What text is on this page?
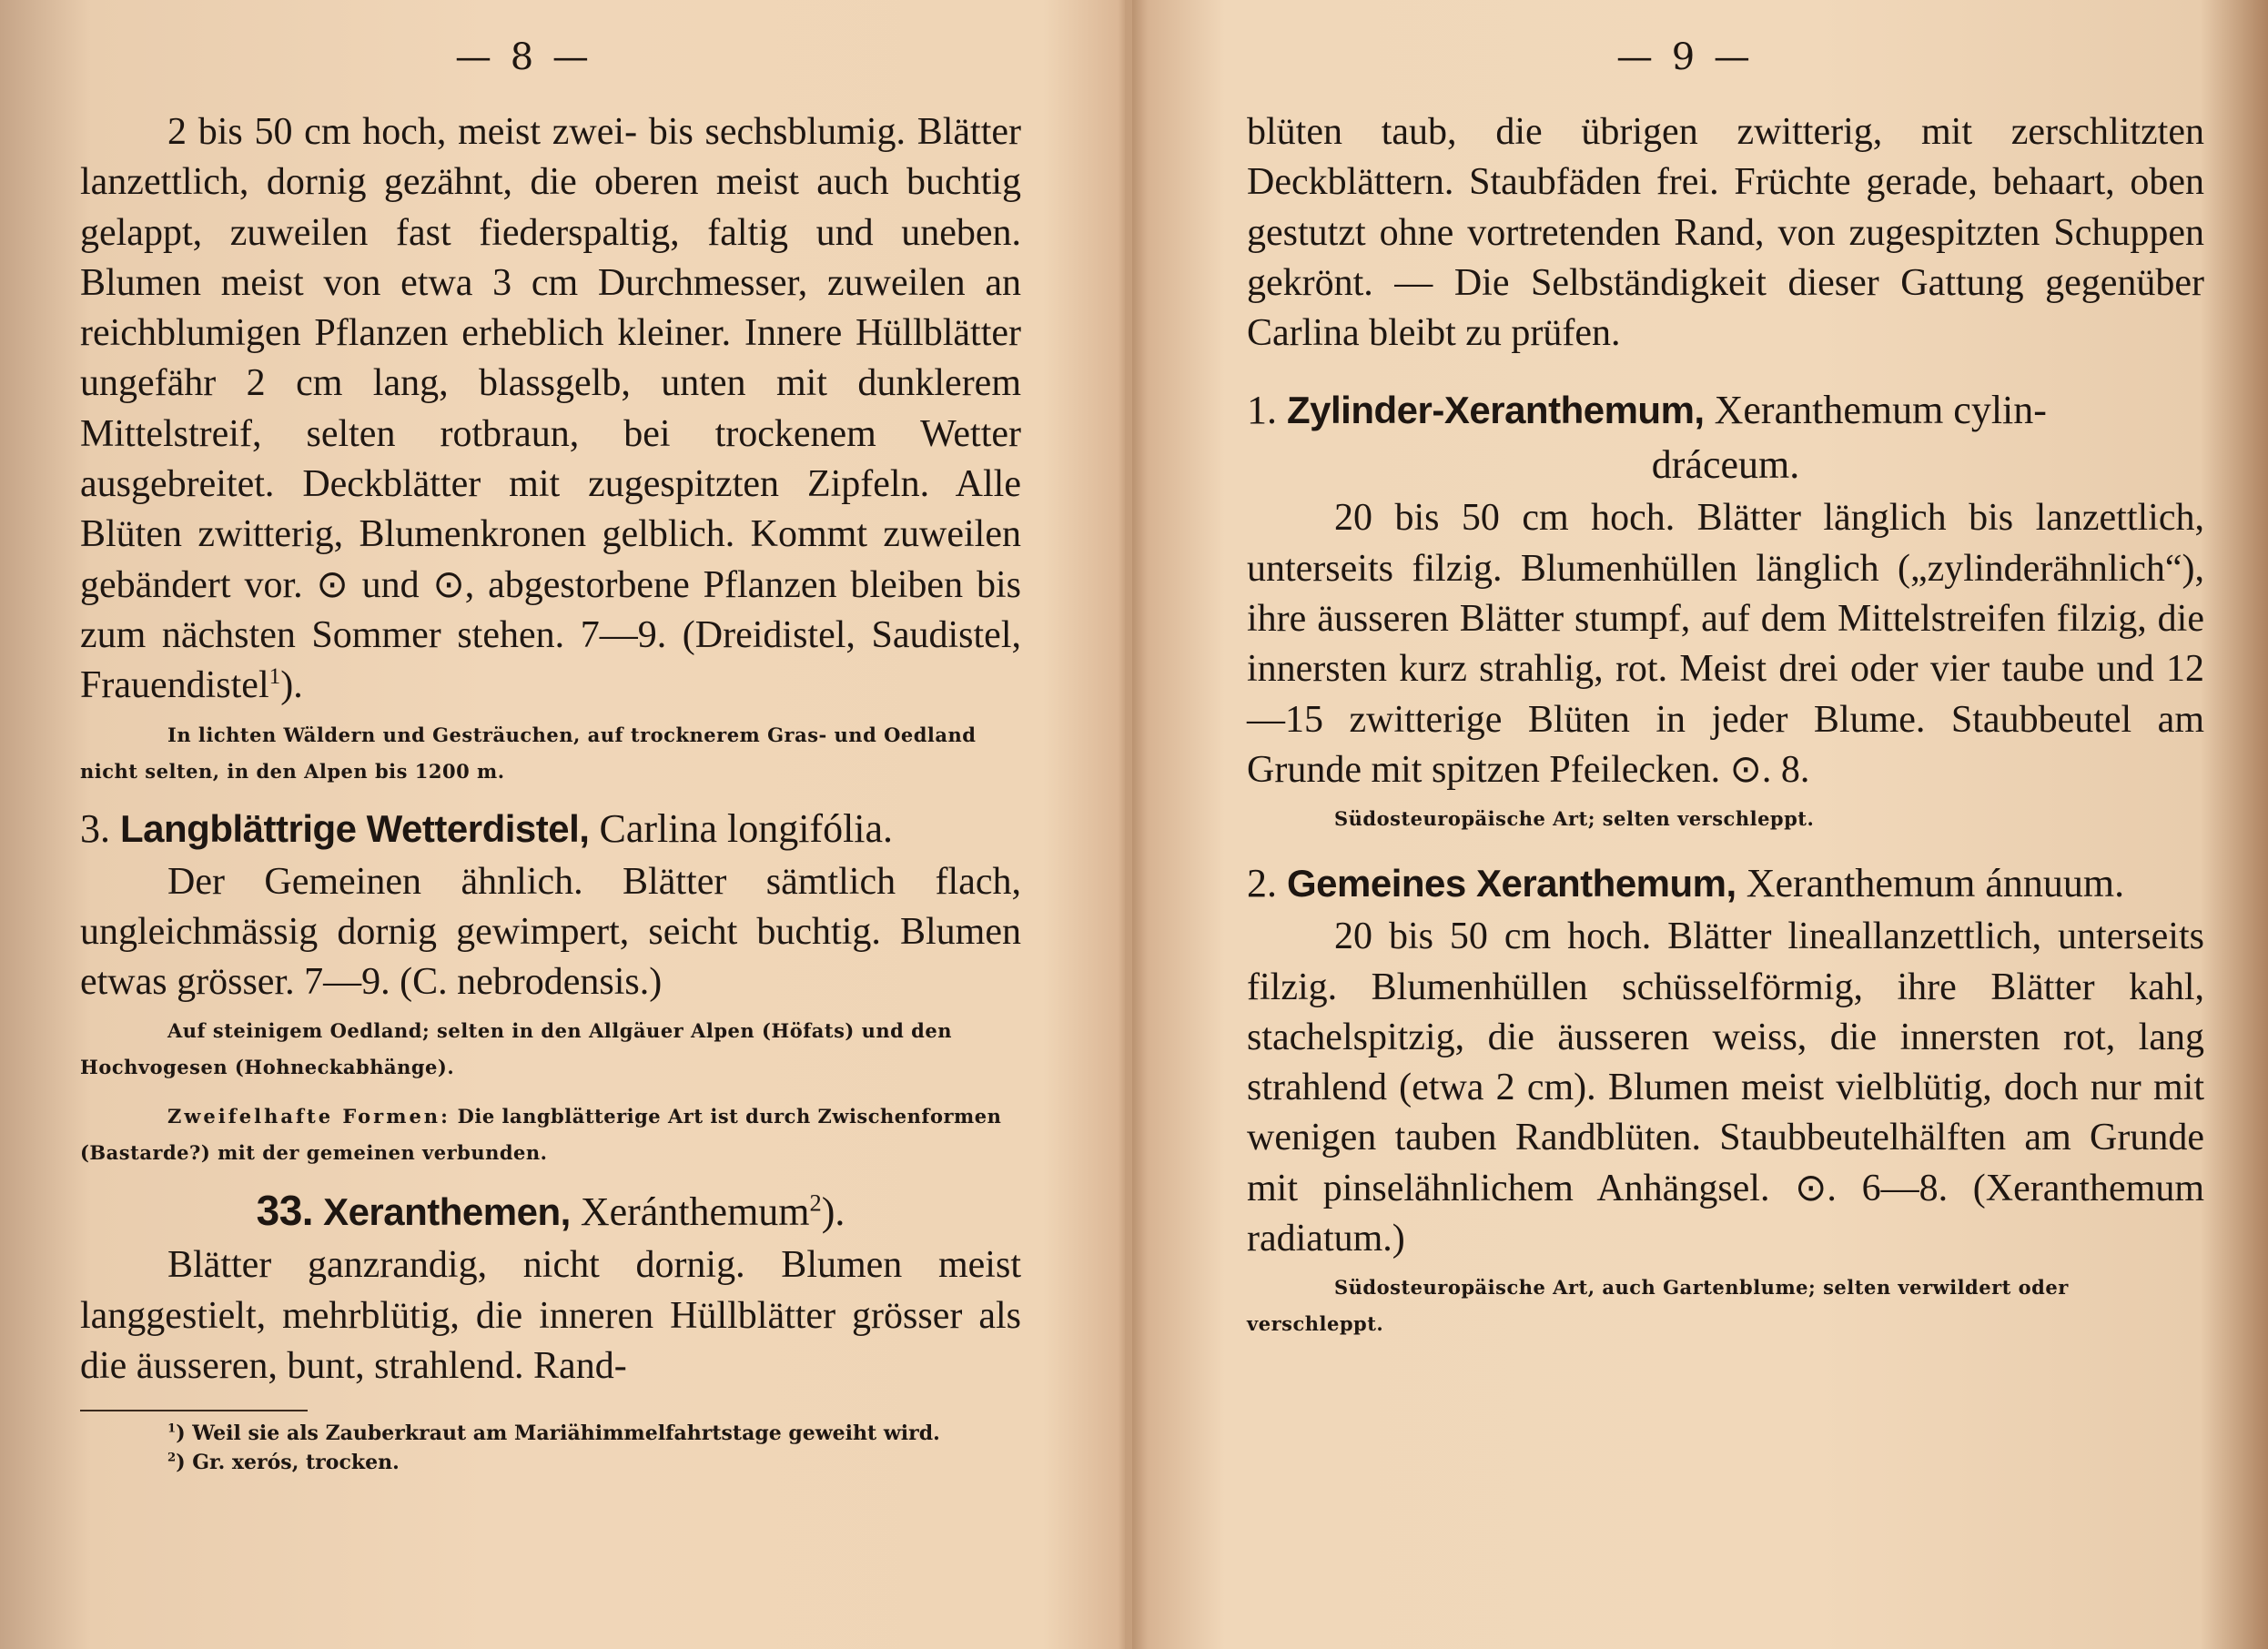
— 8 —

2 bis 50 cm hoch, meist zwei- bis sechsblumig. Blätter lanzettlich, dornig gezähnt, die oberen meist auch buchtig gelappt, zuweilen fast fiederspaltig, faltig und uneben. Blumen meist von etwa 3 cm Durchmesser, zuweilen an reichblumigen Pflanzen erheblich kleiner. Innere Hüllblätter ungefähr 2 cm lang, blassgelb, unten mit dunklerem Mittelstreif, selten rotbraun, bei trockenem Wetter ausgebreitet. Deckblätter mit zugespitzten Zipfeln. Alle Blüten zwitterig, Blumenkronen gelblich. Kommt zuweilen gebändert vor. ⊙ und ⊙, abgestorbene Pflanzen bleiben bis zum nächsten Sommer stehen. 7—9. (Dreidistel, Saudistel, Frauendistel$^1$).

In lichten Wäldern und Gesträuchen, auf trocknerem Gras- und Oedland nicht selten, in den Alpen bis 1200 m.

3. Langblättrige Wetterdistel, Carlina longifólia.

Der Gemeinen ähnlich. Blätter sämtlich flach, ungleichmässig dornig gewimpert, seicht buchtig. Blumen etwas grösser. 7—9. (C. nebrodensis.)

Auf steinigem Oedland; selten in den Allgäuer Alpen (Höfats) und den Hochvogesen (Hohneckabhänge).

Zweifelhafte Formen: Die langblätterige Art ist durch Zwischenformen (Bastarde?) mit der gemeinen verbunden.

33. Xeranthemen, Xeránthemum$^2$).

Blätter ganzrandig, nicht dornig. Blumen meist langgestielt, mehrblütig, die inneren Hüllblätter grösser als die äusseren, bunt, strahlend. Rand-

$^1$) Weil sie als Zauberkraut am Mariähimmelfahrtstage geweiht wird.

$^2$) Gr. xerós, trocken.

— 9 —

blüten taub, die übrigen zwitterig, mit zerschlitzten Deckblättern. Staubfäden frei. Früchte gerade, behaart, oben gestutzt ohne vortretenden Rand, von zugespitzten Schuppen gekrönt. — Die Selbständigkeit dieser Gattung gegenüber Carlina bleibt zu prüfen.

1. Zylinder-Xeranthemum, Xeranthemum cylin-

dráceum.

20 bis 50 cm hoch. Blätter länglich bis lanzettlich, unterseits filzig. Blumenhüllen länglich („zylinderähnlich“), ihre äusseren Blätter stumpf, auf dem Mittelstreifen filzig, die innersten kurz strahlig, rot. Meist drei oder vier taube und 12—15 zwitterige Blüten in jeder Blume. Staubbeutel am Grunde mit spitzen Pfeilecken. ⊙. 8.

Südosteuropäische Art; selten verschleppt.

2. Gemeines Xeranthemum, Xeranthemum ánnuum.

20 bis 50 cm hoch. Blätter lineallanzettlich, unterseits filzig. Blumenhüllen schüsselförmig, ihre Blätter kahl, stachelspitzig, die äusseren weiss, die innersten rot, lang strahlend (etwa 2 cm). Blumen meist vielblütig, doch nur mit wenigen tauben Randblüten. Staubbeutelhälften am Grunde mit pinselähnlichem Anhängsel. ⊙. 6—8. (Xeranthemum radiatum.)

Südosteuropäische Art, auch Gartenblume; selten verwildert oder verschleppt.
